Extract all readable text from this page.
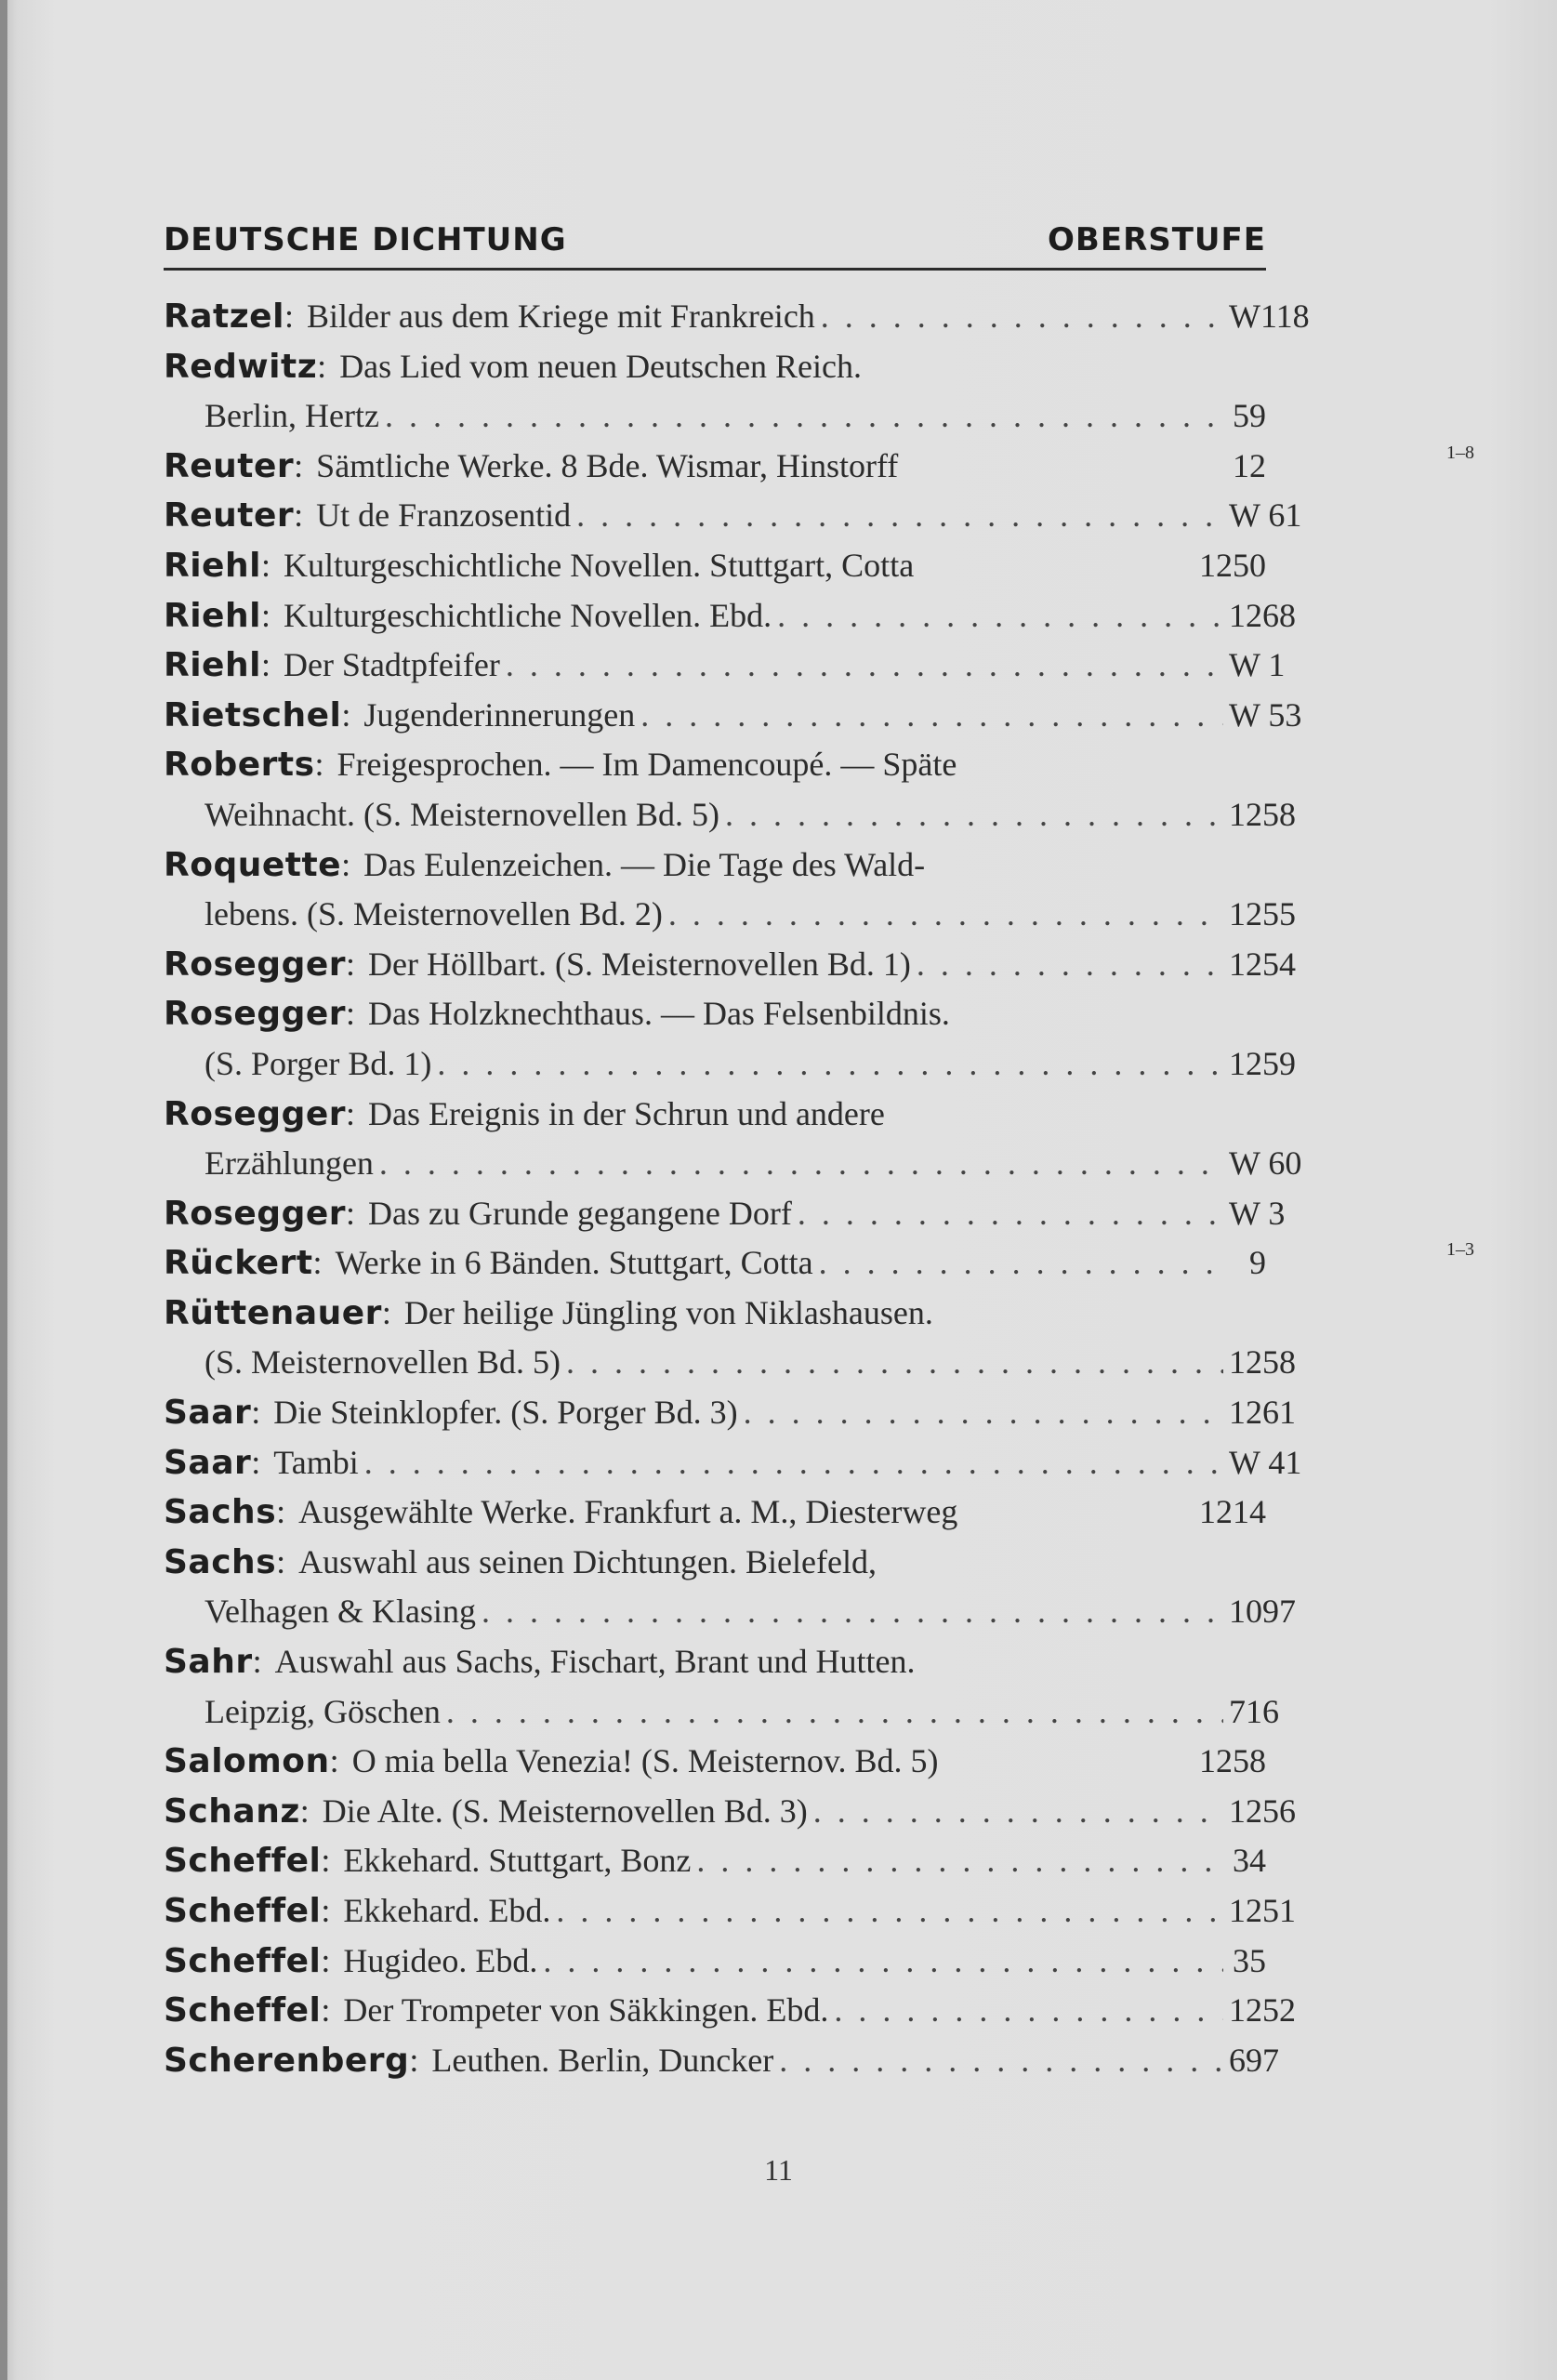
DEUTSCHE DICHTUNG	OBERSTUFE
Ratzel : Bilder aus dem Kriege mit Frankreich . . .	W118
Redwitz : Das Lied vom neuen Deutschen Reich.
Berlin, Hertz . . .	59
Reuter : Sämtliche Werke. 8 Bde. Wismar, Hinstorff	12	1–8
Reuter : Ut de Franzosentid . . .	W 61
Riehl : Kulturgeschichtliche Novellen. Stuttgart, Cotta	1250
Riehl : Kulturgeschichtliche Novellen. Ebd. . . .	1268
Riehl : Der Stadtpfeifer . . .	W 1
Rietschel : Jugenderinnerungen . . .	W 53
Roberts : Freigesprochen. — Im Damencoupé. — Späte
Weihnacht. (S. Meisternovellen Bd. 5) . . .	1258
Roquette : Das Eulenzeichen. — Die Tage des Wald-
lebens. (S. Meisternovellen Bd. 2) . . .	1255
Rosegger : Der Höllbart. (S. Meisternovellen Bd. 1) . . .	1254
Rosegger : Das Holzknechthaus. — Das Felsenbildnis.
(S. Porger Bd. 1) . . .	1259
Rosegger : Das Ereignis in der Schrun und andere
Erzählungen . . .	W 60
Rosegger : Das zu Grunde gegangene Dorf . . .	W 3
Rückert : Werke in 6 Bänden. Stuttgart, Cotta . . .	9	1–3
Rüttenauer : Der heilige Jüngling von Niklashausen.
(S. Meisternovellen Bd. 5) . . .	1258
Saar : Die Steinklopfer. (S. Porger Bd. 3) . . .	1261
Saar : Tambi . . .	W 41
Sachs : Ausgewählte Werke. Frankfurt a. M., Diesterweg	1214
Sachs : Auswahl aus seinen Dichtungen. Bielefeld,
Velhagen & Klasing . . .	1097
Sahr : Auswahl aus Sachs, Fischart, Brant und Hutten.
Leipzig, Göschen . . .	716
Salomon : O mia bella Venezia! (S. Meisternov. Bd. 5)	1258
Schanz : Die Alte. (S. Meisternovellen Bd. 3) . . .	1256
Scheffel : Ekkehard. Stuttgart, Bonz . . .	34
Scheffel : Ekkehard. Ebd. . . .	1251
Scheffel : Hugideo. Ebd. . . .	35
Scheffel : Der Trompeter von Säkkingen. Ebd. . . .	1252
Scherenberg : Leuthen. Berlin, Duncker . . .	697
11
